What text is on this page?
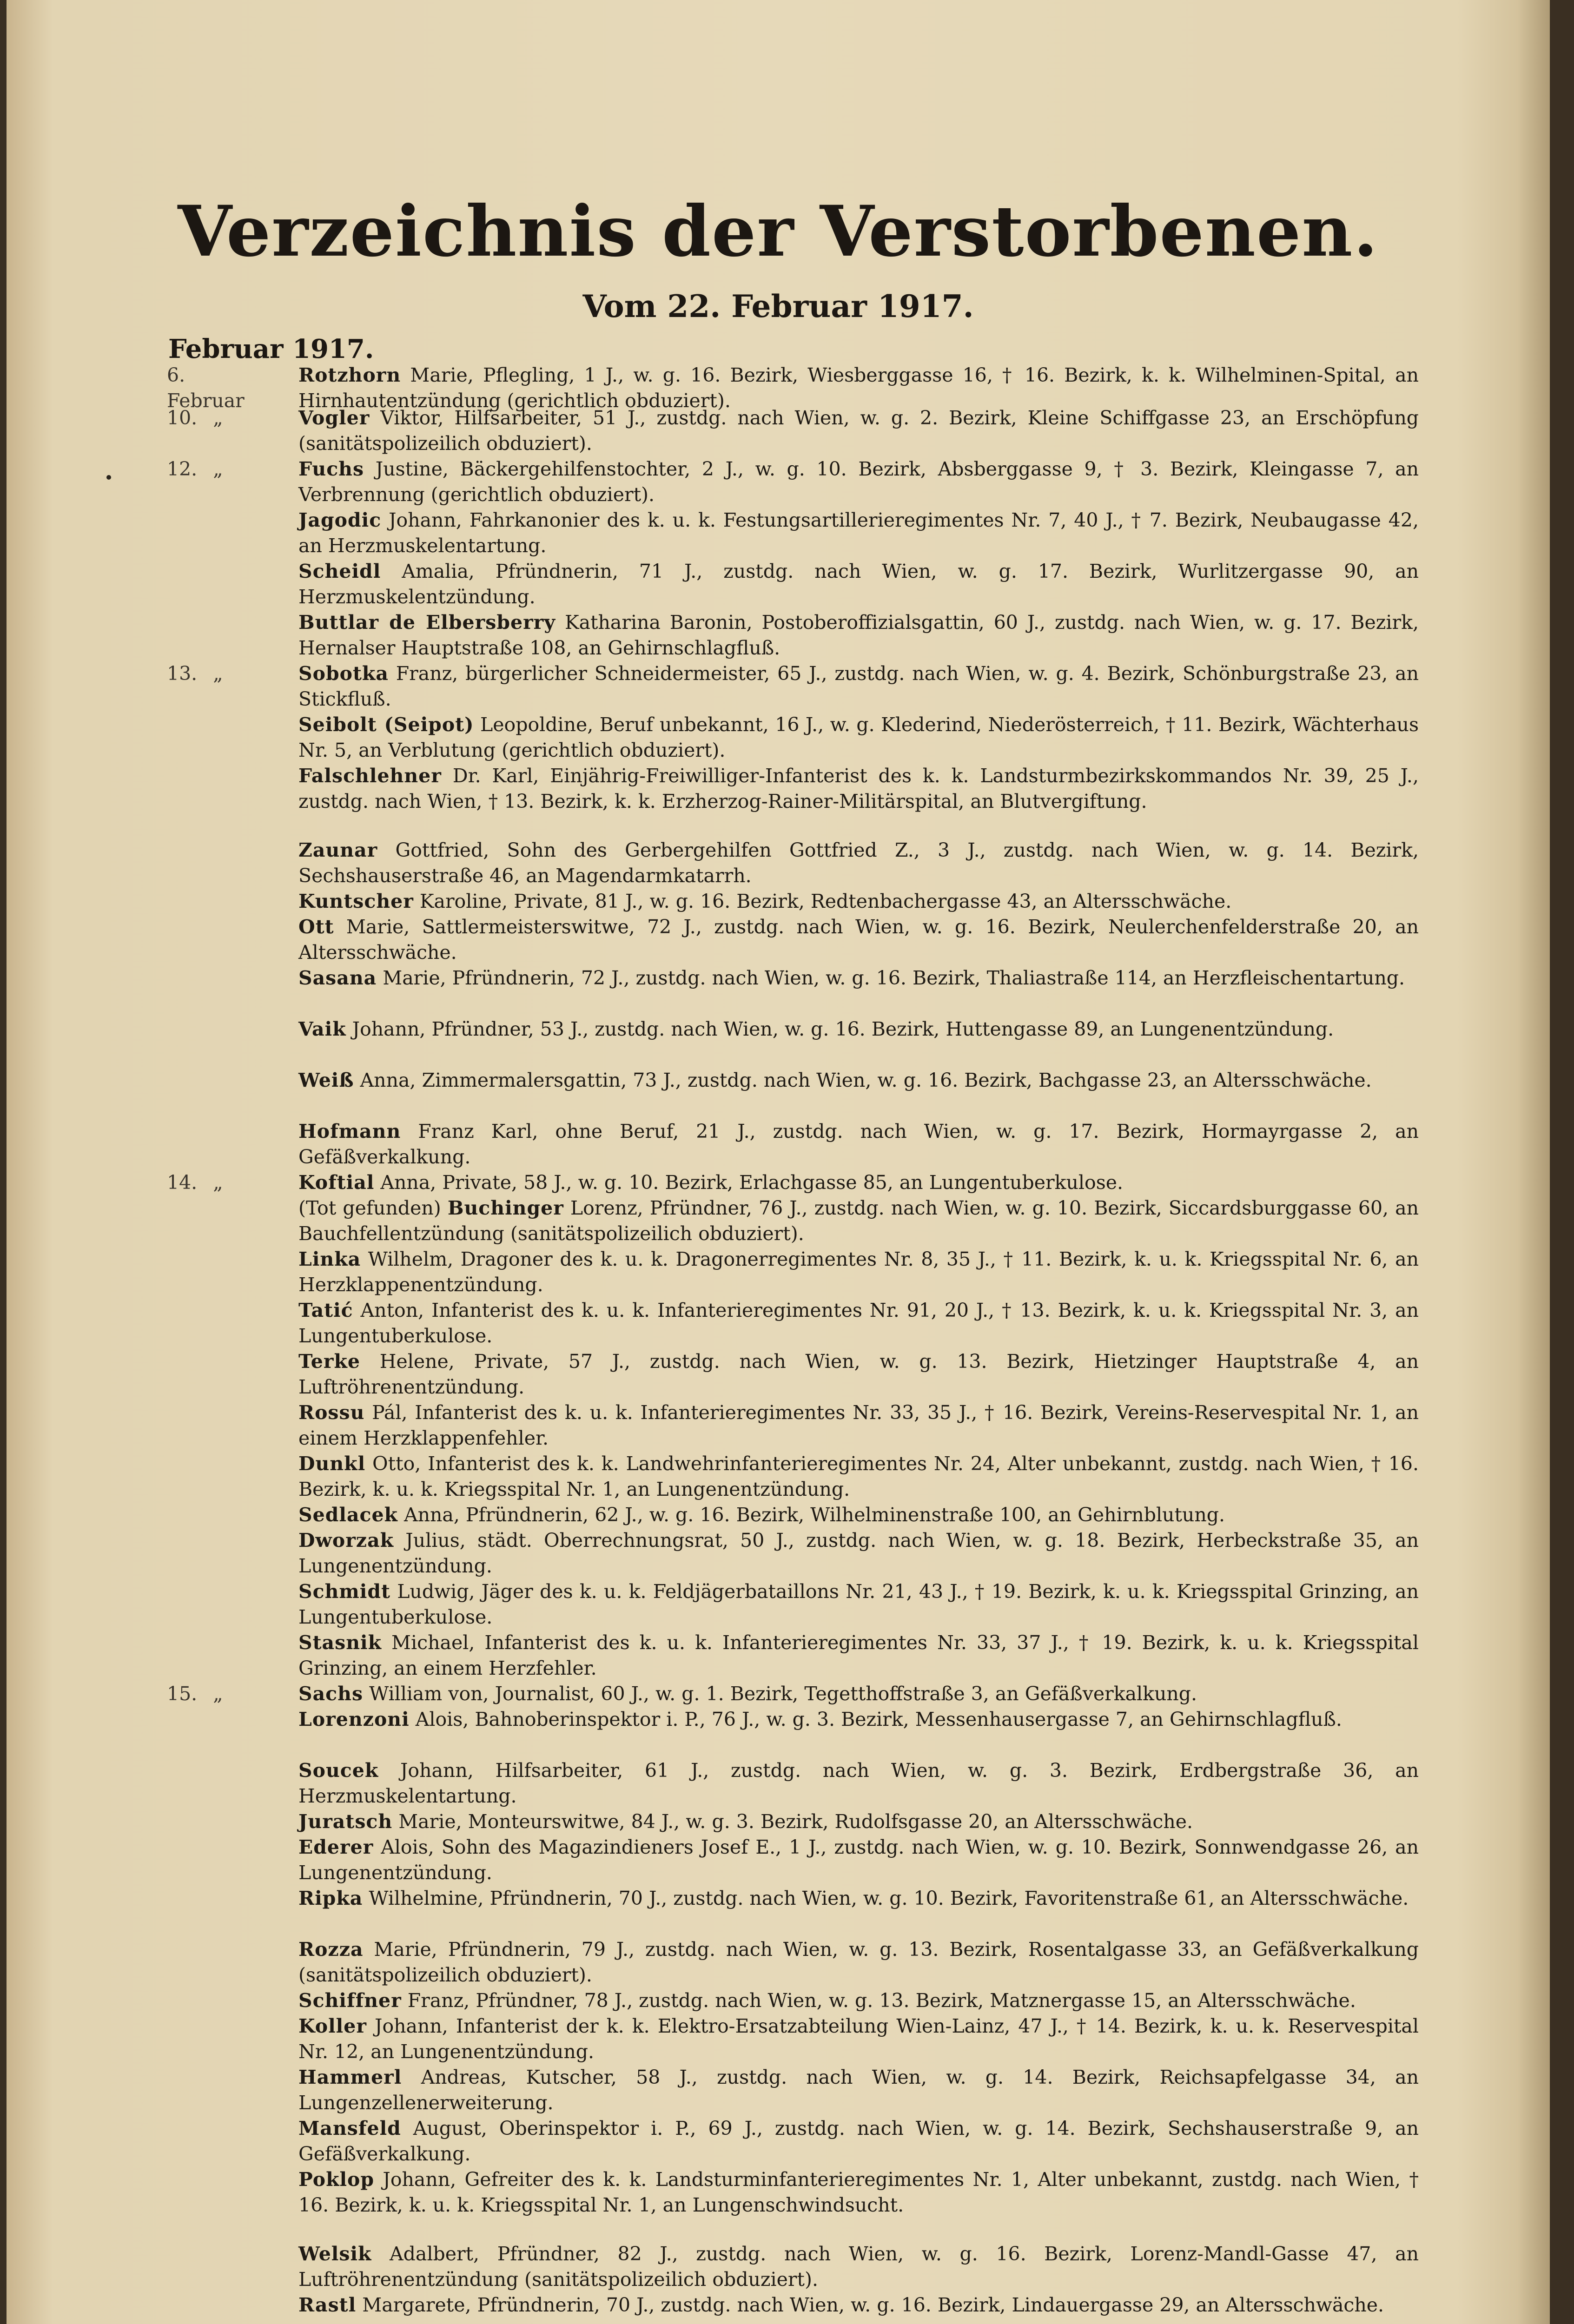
Verzeichnis der Verstorbenen.
Vom 22. Februar 1917.
Februar 1917.
Rotzhorn Marie, Pflegling, 1 J., w. g. 16. Bezirk, Wiesberggasse 16, † 16. Bezirk, k. k. Wilhelminen-Spital, an Hirnhautentzündung (gerichtlich obduziert).
Vogler Viktor, Hilfsarbeiter, 51 J., zustdg. nach Wien, w. g. 2. Bezirk, Kleine Schiffgasse 23, an Erschöpfung (sanitätspolizeilich obduziert).
Fuchs Justine, Bäckergehilfenstochter, 2 J., w. g. 10. Bezirk, Absberggasse 9, † 3. Bezirk, Kleingasse 7, an Verbrennung (gerichtlich obduziert).
Jagodic Johann, Fahrkanonier des k. u. k. Festungsartillerieregimentes Nr. 7, 40 J., † 7. Bezirk, Neubaugasse 42, an Herzmuskelentartung.
Scheidl Amalia, Pfründnerin, 71 J., zustdg. nach Wien, w. g. 17. Bezirk, Wurlitzergasse 90, an Herzmuskelentzündung.
Buttlar de Elbersberry Katharina Baronin, Postoberoffizialsgattin, 60 J., zustdg. nach Wien, w. g. 17. Bezirk, Hernalser Hauptstraße 108, an Gehirnschlagfluß.
Sobotka Franz, bürgerlicher Schneidermeister, 65 J., zustdg. nach Wien, w. g. 4. Bezirk, Schönburgstraße 23, an Stickfluß.
Seibolt (Seipot) Leopoldine, Beruf unbekannt, 16 J., w. g. Klederind, Niederösterreich, † 11. Bezirk, Wächterhaus Nr. 5, an Verblutung (gerichtlich obduziert).
Falschlehner Dr. Karl, Einjährig-Freiwilliger-Infanterist des k. k. Landsturmbezirkskommandos Nr. 39, 25 J., zustdg. nach Wien, † 13. Bezirk, k. k. Erzherzog-Rainer-Militärspital, an Blutvergiftung.
Zaunar Gottfried, Sohn des Gerbergehilfen Gottfried Z., 3 J., zustdg. nach Wien, w. g. 14. Bezirk, Sechshauserstraße 46, an Magendarmkatarrh.
Kuntscher Karoline, Private, 81 J., w. g. 16. Bezirk, Redtenbachergasse 43, an Altersschwäche.
Ott Marie, Sattlermeisterswitwe, 72 J., zustdg. nach Wien, w. g. 16. Bezirk, Neulerchenfelderstraße 20, an Altersschwäche.
Sasana Marie, Pfründnerin, 72 J., zustdg. nach Wien, w. g. 16. Bezirk, Thaliastraße 114, an Herzfleischentartung.
Vaik Johann, Pfründner, 53 J., zustdg. nach Wien, w. g. 16. Bezirk, Huttengasse 89, an Lungenentzündung.
Weiß Anna, Zimmermalersgattin, 73 J., zustdg. nach Wien, w. g. 16. Bezirk, Bachgasse 23, an Altersschwäche.
Hofmann Franz Karl, ohne Beruf, 21 J., zustdg. nach Wien, w. g. 17. Bezirk, Hormayrgasse 2, an Gefäßverkalkung.
Koftial Anna, Private, 58 J., w. g. 10. Bezirk, Erlachgasse 85, an Lungentuberkulose.
(Tot gefunden) Buchinger Lorenz, Pfründner, 76 J., zustdg. nach Wien, w. g. 10. Bezirk, Siccardsburggasse 60, an Bauchfellentzündung (sanitätspolizeilich obduziert).
Linka Wilhelm, Dragoner des k. u. k. Dragonerregimentes Nr. 8, 35 J., † 11. Bezirk, k. u. k. Kriegsspital Nr. 6, an Herzklappenentzündung.
Tatić Anton, Infanterist des k. u. k. Infanterieregimentes Nr. 91, 20 J., † 13. Bezirk, k. u. k. Kriegsspital Nr. 3, an Lungentuberkulose.
Terke Helene, Private, 57 J., zustdg. nach Wien, w. g. 13. Bezirk, Hietzinger Hauptstraße 4, an Luftröhrenentzündung.
Rossu Pál, Infanterist des k. u. k. Infanterieregimentes Nr. 33, 35 J., † 16. Bezirk, Vereins-Reservespital Nr. 1, an einem Herzklappenfehler.
Dunkl Otto, Infanterist des k. k. Landwehrinfanterieregimentes Nr. 24, Alter unbekannt, zustdg. nach Wien, † 16. Bezirk, k. u. k. Kriegsspital Nr. 1, an Lungenentzündung.
Sedlacek Anna, Pfründnerin, 62 J., w. g. 16. Bezirk, Wilhelminenstraße 100, an Gehirnblutung.
Dworzak Julius, städt. Oberrechnungsrat, 50 J., zustdg. nach Wien, w. g. 18. Bezirk, Herbeckstraße 35, an Lungenentzündung.
Schmidt Ludwig, Jäger des k. u. k. Feldjägerbataillons Nr. 21, 43 J., † 19. Bezirk, k. u. k. Kriegsspital Grinzing, an Lungentuberkulose.
Stasnik Michael, Infanterist des k. u. k. Infanterieregimentes Nr. 33, 37 J., † 19. Bezirk, k. u. k. Kriegsspital Grinzing, an einem Herzfehler.
Sachs William von, Journalist, 60 J., w. g. 1. Bezirk, Tegetthoffstraße 3, an Gefäßverkalkung.
Lorenzoni Alois, Bahnoberinspektor i. P., 76 J., w. g. 3. Bezirk, Messenhausergasse 7, an Gehirnschlagfluß.
Soucek Johann, Hilfsarbeiter, 61 J., zustdg. nach Wien, w. g. 3. Bezirk, Erdbergstraße 36, an Herzmuskelentartung.
Juratsch Marie, Monteurswitwe, 84 J., w. g. 3. Bezirk, Rudolfsgasse 20, an Altersschwäche.
Ederer Alois, Sohn des Magazindieners Josef E., 1 J., zustdg. nach Wien, w. g. 10. Bezirk, Sonnwendgasse 26, an Lungenentzündung.
Ripka Wilhelmine, Pfründnerin, 70 J., zustdg. nach Wien, w. g. 10. Bezirk, Favoritenstraße 61, an Altersschwäche.
Rozza Marie, Pfründnerin, 79 J., zustdg. nach Wien, w. g. 13. Bezirk, Rosentalgasse 33, an Gefäßverkalkung (sanitätspolizeilich obduziert).
Schiffner Franz, Pfründner, 78 J., zustdg. nach Wien, w. g. 13. Bezirk, Matznergasse 15, an Altersschwäche.
Koller Johann, Infanterist der k. k. Elektro-Ersatzabteilung Wien-Lainz, 47 J., † 14. Bezirk, k. u. k. Reservespital Nr. 12, an Lungenentzündung.
Hammerl Andreas, Kutscher, 58 J., zustdg. nach Wien, w. g. 14. Bezirk, Reichsapfelgasse 34, an Lungenzellenerweiterung.
Mansfeld August, Oberinspektor i. P., 69 J., zustdg. nach Wien, w. g. 14. Bezirk, Sechshauserstraße 9, an Gefäßverkalkung.
Poklop Johann, Gefreiter des k. k. Landsturminfanterieregimentes Nr. 1, Alter unbekannt, zustdg. nach Wien, † 16. Bezirk, k. u. k. Kriegsspital Nr. 1, an Lungenschwindsucht.
Welsik Adalbert, Pfründner, 82 J., zustdg. nach Wien, w. g. 16. Bezirk, Lorenz-Mandl-Gasse 47, an Luftröhrenentzündung (sanitätspolizeilich obduziert).
Rastl Margarete, Pfründnerin, 70 J., zustdg. nach Wien, w. g. 16. Bezirk, Lindauergasse 29, an Altersschwäche.
6.Februar
10. „
12. „
13. „
14. „
15. „
